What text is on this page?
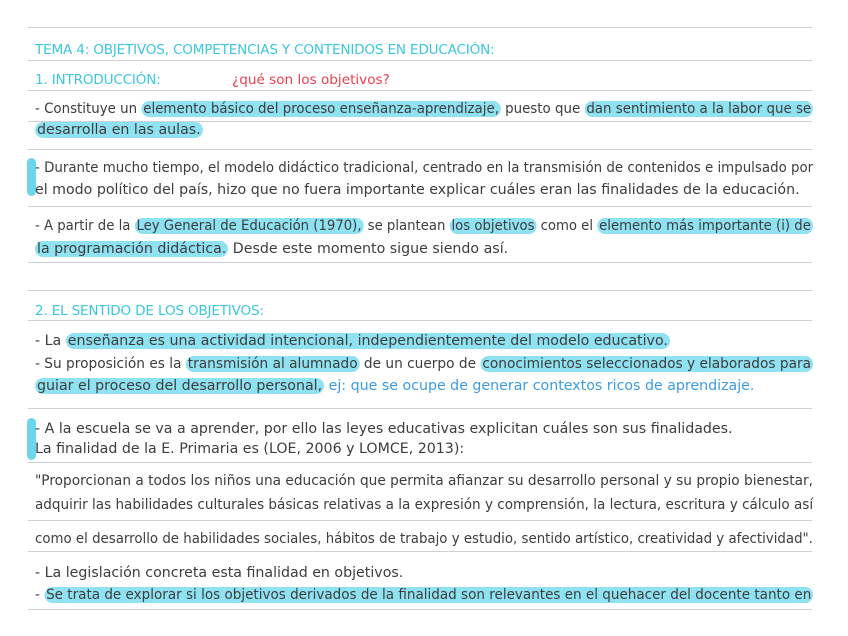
TEMA 4: OBJETIVOS, COMPETENCIAS Y CONTENIDOS EN EDUCACIÓN:
1. INTRODUCCIÓN:	¿qué son los objetivos?
- Constituye un elemento básico del proceso enseñanza-aprendizaje, puesto que dan sentimiento a la labor que se
desarrolla en las aulas.
- Durante mucho tiempo, el modelo didáctico tradicional, centrado en la transmisión de contenidos e impulsado por
el modo político del país, hizo que no fuera importante explicar cuáles eran las finalidades de la educación.
- A partir de la Ley General de Educación (1970), se plantean los objetivos como el elemento más importante (i) de
la programación didáctica. Desde este momento sigue siendo así.
2. EL SENTIDO DE LOS OBJETIVOS:
- La enseñanza es una actividad intencional, independientemente del modelo educativo.
- Su proposición es la transmisión al alumnado de un cuerpo de conocimientos seleccionados y elaborados para
guiar el proceso del desarrollo personal, ej: que se ocupe de generar contextos ricos de aprendizaje.
- A la escuela se va a aprender, por ello las leyes educativas explicitan cuáles son sus finalidades.
La finalidad de la E. Primaria es (LOE, 2006 y LOMCE, 2013):
"Proporcionan a todos los niños una educación que permita afianzar su desarrollo personal y su propio bienestar,
adquirir las habilidades culturales básicas relativas a la expresión y comprensión, la lectura, escritura y cálculo así
como el desarrollo de habilidades sociales, hábitos de trabajo y estudio, sentido artístico, creatividad y afectividad".
- La legislación concreta esta finalidad en objetivos.
- Se trata de explorar si los objetivos derivados de la finalidad son relevantes en el quehacer del docente tanto en
